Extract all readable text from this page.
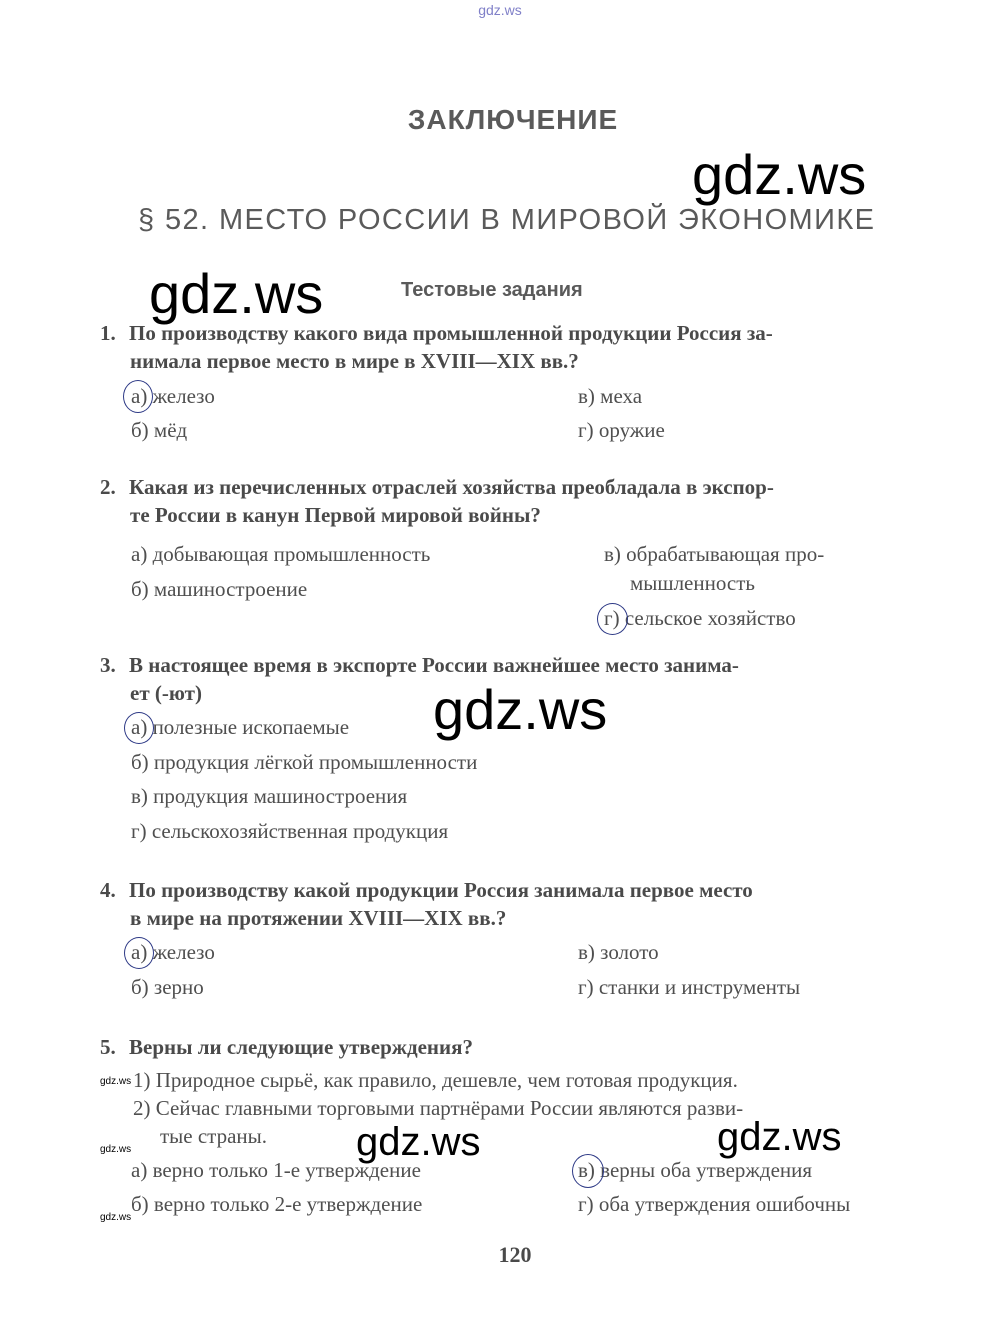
gdz.ws
ЗАКЛЮЧЕНИЕ
§ 52. МЕСТО РОССИИ В МИРОВОЙ ЭКОНОМИКЕ
Тестовые задания
1. По производству какого вида промышленной продукции Россия за-

нимала первое место в мире в XVIII—XIX вв.?
а) железо
б) мёд
в) меха
г) оружие
2. Какая из перечисленных отраслей хозяйства преобладала в экспор-

те России в канун Первой мировой войны?
а) добывающая промышленность
б) машиностроение
в) обрабатывающая про-
мышленность
г) сельское хозяйство
3. В настоящее время в экспорте России важнейшее место занима-

ет (-ют)
а) полезные ископаемые
б) продукция лёгкой промышленности
в) продукция машиностроения
г) сельскохозяйственная продукция
4. По производству какой продукции Россия занимала первое место

в мире на протяжении XVIII—XIX вв.?
а) железо
б) зерно
в) золото
г) станки и инструменты
5. Верны ли следующие утверждения?
1) Природное сырьё, как правило, дешевле, чем готовая продукция.
2) Сейчас главными торговыми партнёрами России являются разви-
тые страны.
а) верно только 1-е утверждение
б) верно только 2-е утверждение
в) верны оба утверждения
г) оба утверждения ошибочны
120
gdz.ws
gdz.ws
gdz.ws
gdz.ws	gdz.ws
gdz.ws
gdz.ws
gdz.ws
